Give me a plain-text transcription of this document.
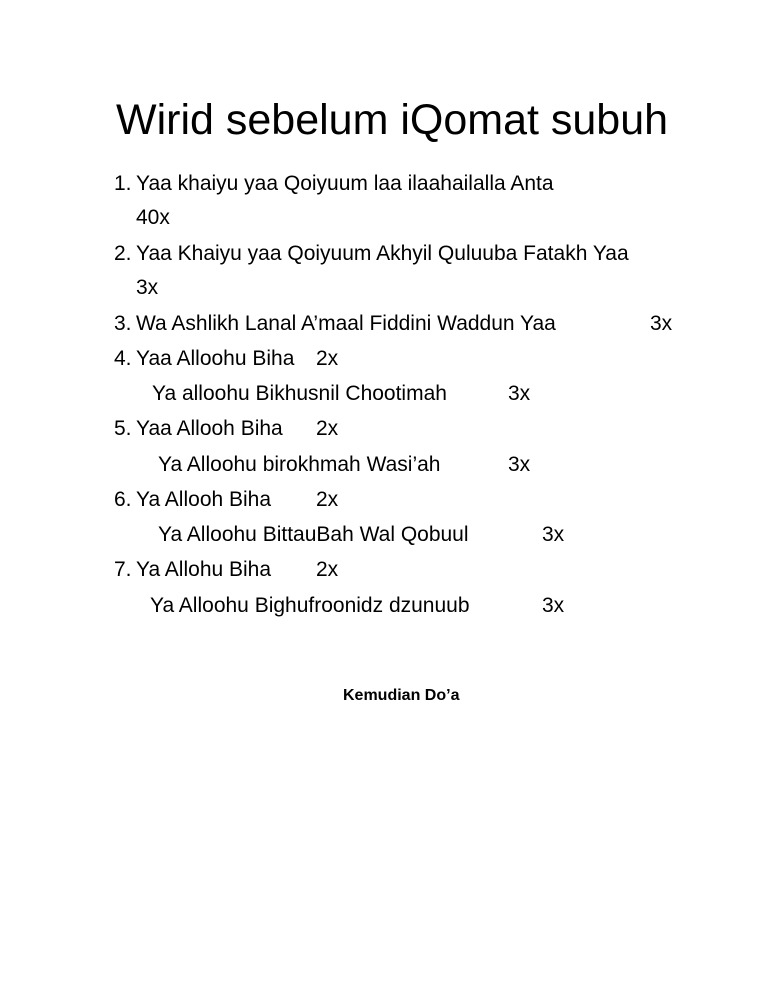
Wirid sebelum iQomat subuh
1. Yaa khaiyu yaa Qoiyuum laa ilaahailalla Anta
40x
2. Yaa Khaiyu yaa Qoiyuum Akhyil Quluuba Fatakh Yaa
3x
3. Wa Ashlikh Lanal A’maal Fiddini Waddun Yaa	3x
4. Yaa Alloohu Biha 2x
Ya alloohu Bikhusnil Chootimah	3x
5. Yaa Allooh Biha 2x
Ya Alloohu birokhmah Wasi’ah	3x
6. Ya Allooh Biha 2x
Ya Alloohu BittauBah Wal Qobuul	3x
7. Ya Allohu Biha 2x
Ya Alloohu Bighufroonidz dzunuub	3x
Kemudian Do’a
